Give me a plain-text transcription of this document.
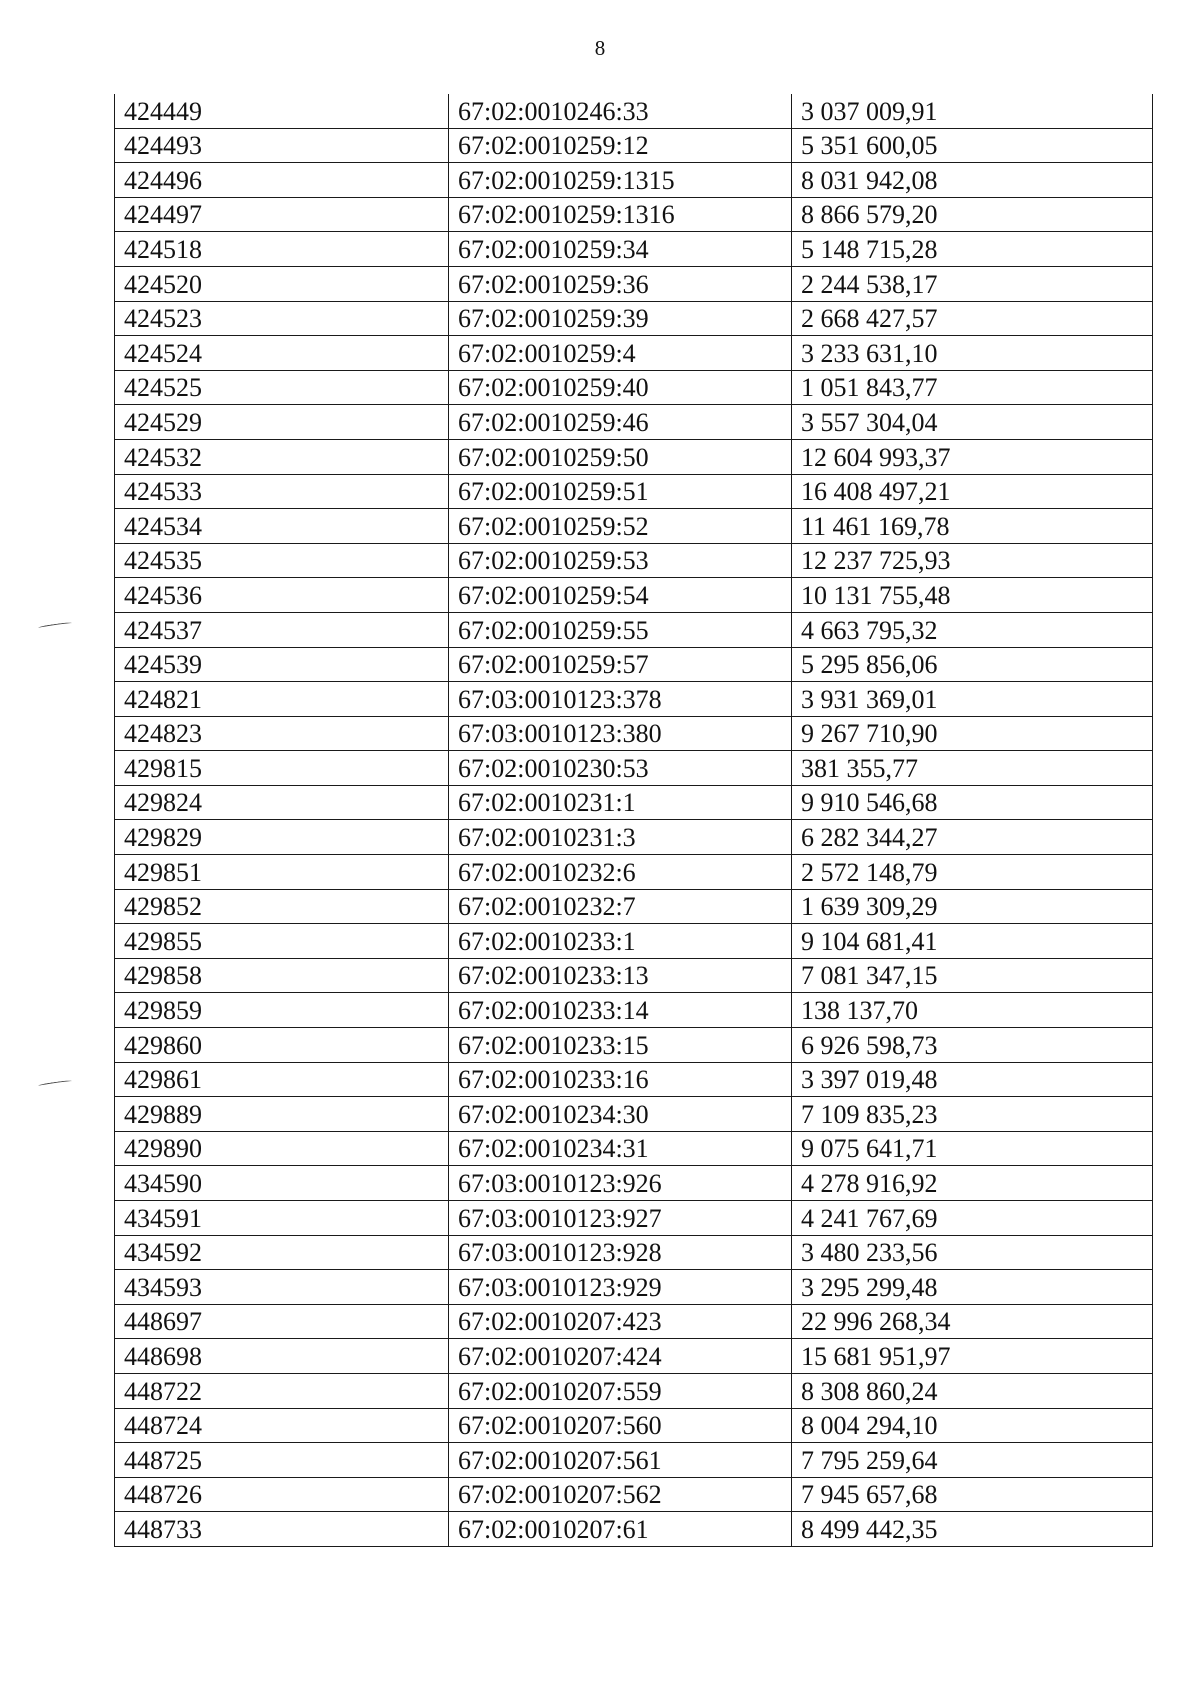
8
424449	67:02:0010246:33	3 037 009,91
424493	67:02:0010259:12	5 351 600,05
424496	67:02:0010259:1315	8 031 942,08
424497	67:02:0010259:1316	8 866 579,20
424518	67:02:0010259:34	5 148 715,28
424520	67:02:0010259:36	2 244 538,17
424523	67:02:0010259:39	2 668 427,57
424524	67:02:0010259:4	3 233 631,10
424525	67:02:0010259:40	1 051 843,77
424529	67:02:0010259:46	3 557 304,04
424532	67:02:0010259:50	12 604 993,37
424533	67:02:0010259:51	16 408 497,21
424534	67:02:0010259:52	11 461 169,78
424535	67:02:0010259:53	12 237 725,93
424536	67:02:0010259:54	10 131 755,48
424537	67:02:0010259:55	4 663 795,32
424539	67:02:0010259:57	5 295 856,06
424821	67:03:0010123:378	3 931 369,01
424823	67:03:0010123:380	9 267 710,90
429815	67:02:0010230:53	381 355,77
429824	67:02:0010231:1	9 910 546,68
429829	67:02:0010231:3	6 282 344,27
429851	67:02:0010232:6	2 572 148,79
429852	67:02:0010232:7	1 639 309,29
429855	67:02:0010233:1	9 104 681,41
429858	67:02:0010233:13	7 081 347,15
429859	67:02:0010233:14	138 137,70
429860	67:02:0010233:15	6 926 598,73
429861	67:02:0010233:16	3 397 019,48
429889	67:02:0010234:30	7 109 835,23
429890	67:02:0010234:31	9 075 641,71
434590	67:03:0010123:926	4 278 916,92
434591	67:03:0010123:927	4 241 767,69
434592	67:03:0010123:928	3 480 233,56
434593	67:03:0010123:929	3 295 299,48
448697	67:02:0010207:423	22 996 268,34
448698	67:02:0010207:424	15 681 951,97
448722	67:02:0010207:559	8 308 860,24
448724	67:02:0010207:560	8 004 294,10
448725	67:02:0010207:561	7 795 259,64
448726	67:02:0010207:562	7 945 657,68
448733	67:02:0010207:61	8 499 442,35
